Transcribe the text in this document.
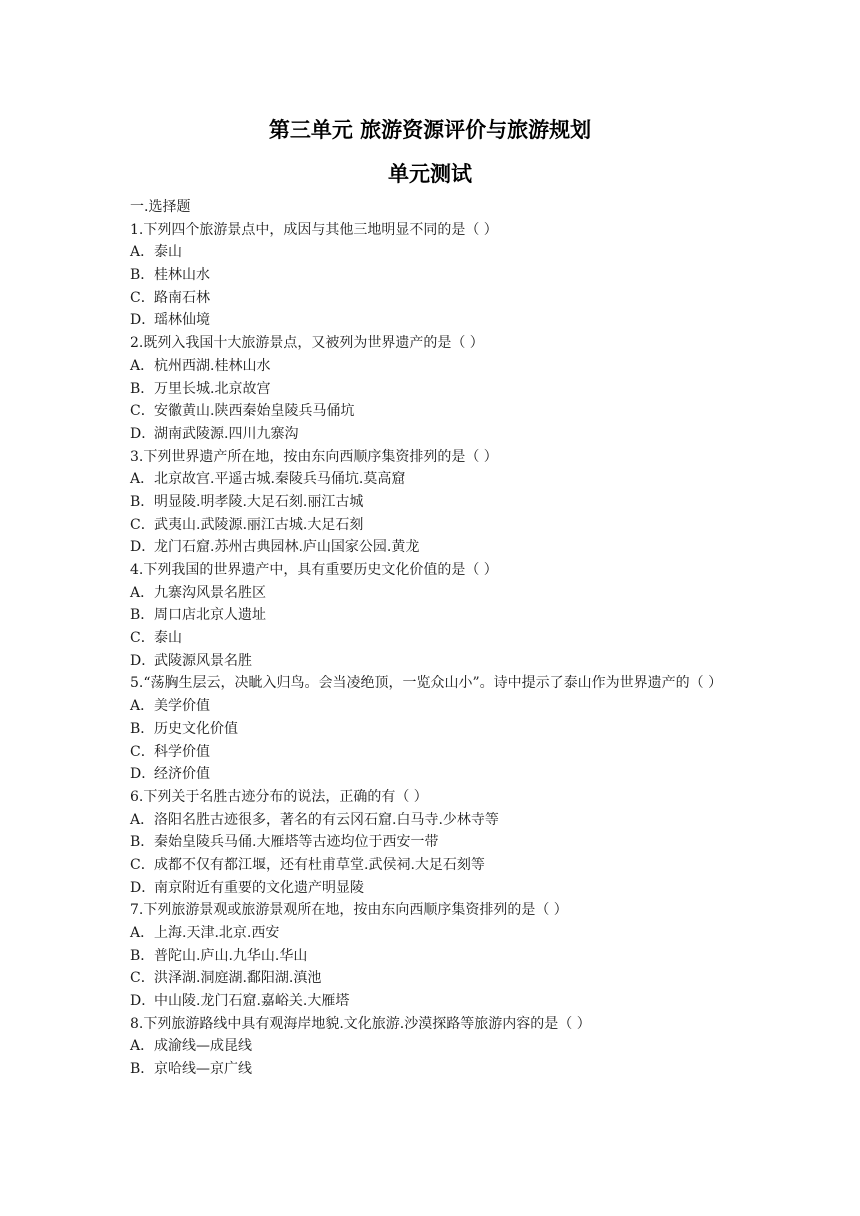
第三单元 旅游资源评价与旅游规划
单元测试
一.选择题
1.下列四个旅游景点中，成因与其他三地明显不同的是（ ）
A．泰山
B．桂林山水
C．路南石林
D．瑶林仙境
2.既列入我国十大旅游景点，又被列为世界遗产的是（ ）
A．杭州西湖.桂林山水
B．万里长城.北京故宫
C．安徽黄山.陕西秦始皇陵兵马俑坑
D．湖南武陵源.四川九寨沟
3.下列世界遗产所在地，按由东向西顺序集资排列的是（ ）
A．北京故宫.平遥古城.秦陵兵马俑坑.莫高窟
B．明显陵.明孝陵.大足石刻.丽江古城
C．武夷山.武陵源.丽江古城.大足石刻
D．龙门石窟.苏州古典园林.庐山国家公园.黄龙
4.下列我国的世界遗产中，具有重要历史文化价值的是（ ）
A．九寨沟风景名胜区
B．周口店北京人遗址
C．泰山
D．武陵源风景名胜
5.“荡胸生层云，决眦入归鸟。会当凌绝顶，一览众山小”。诗中提示了泰山作为世界遗产的（ ）
A．美学价值
B．历史文化价值
C．科学价值
D．经济价值
6.下列关于名胜古迹分布的说法，正确的有（ ）
A．洛阳名胜古迹很多，著名的有云冈石窟.白马寺.少林寺等
B．秦始皇陵兵马俑.大雁塔等古迹均位于西安一带
C．成都不仅有都江堰，还有杜甫草堂.武侯祠.大足石刻等
D．南京附近有重要的文化遗产明显陵
7.下列旅游景观或旅游景观所在地，按由东向西顺序集资排列的是（ ）
A．上海.天津.北京.西安
B．普陀山.庐山.九华山.华山
C．洪泽湖.洞庭湖.鄱阳湖.滇池
D．中山陵.龙门石窟.嘉峪关.大雁塔
8.下列旅游路线中具有观海岸地貌.文化旅游.沙漠探路等旅游内容的是（ ）
A．成渝线—成昆线
B．京哈线—京广线
